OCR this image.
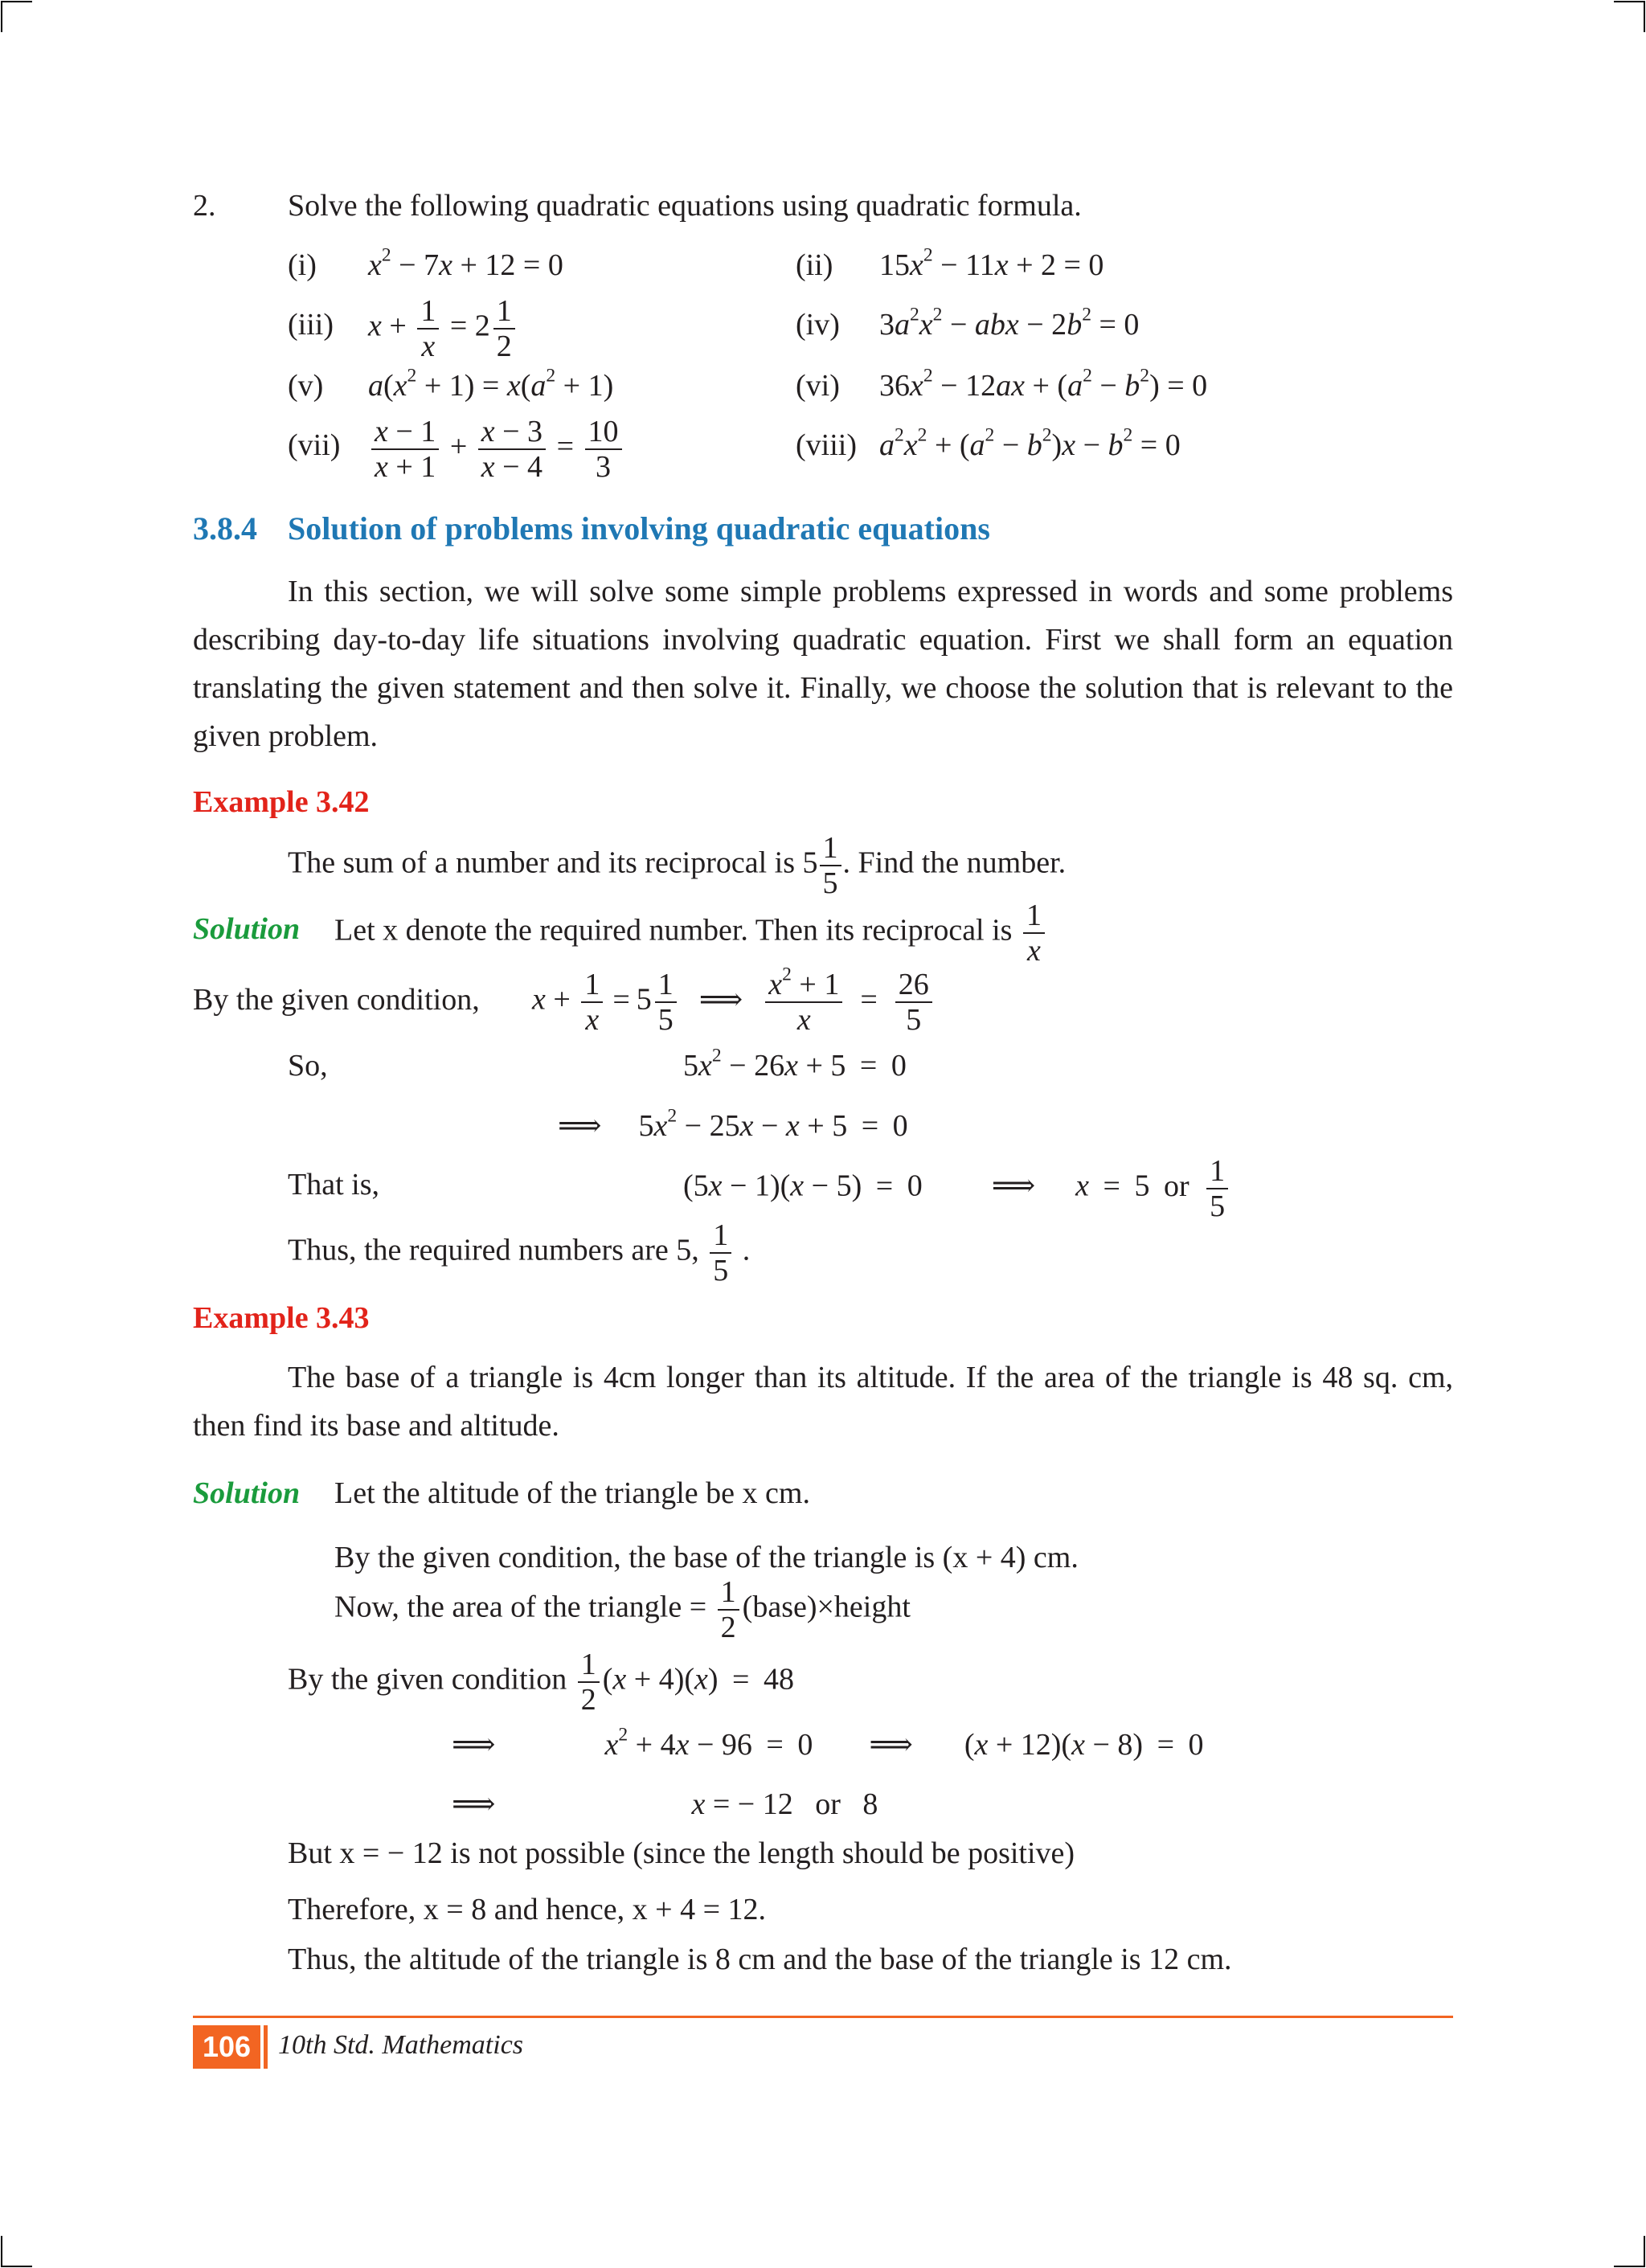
2. Solve the following quadratic equations using quadratic formula.
(i) $x^2 - 7x + 12 = 0$	(ii) $15x^2 - 11x + 2 = 0$
(iii) $x + \frac{1}{x} = 2 \frac{1}{2}$	(iv) $3a^2x^2$ − abx − $2b^2 = 0$
(v) $a(x^2 + 1) = x(a^2 + 1)$	(vi) $36x^2 - 12ax + (a^2 - b^2) = 0$
$(vii) \frac{x - 1}{x + 1} + \frac{x - 3}{x - 4} = \frac{10}{3}$	(viii) $a^2x^2 + (a^2 - b^2)x - b^2 = 0$
3.8.4 Solution of problems involving quadratic equations
In this section, we will solve some simple problems expressed in words and some problems describing day-to-day life situations involving quadratic equation. First we shall form an equation translating the given statement and then solve it. Finally, we choose the solution that is relevant to the given problem.
Example 3.42
The sum of a number and its reciprocal is $5 \frac{1}{5}$ . Find the number.
Solution Let x denote the required number. Then its reciprocal is $\frac{1}{x}$
By the given condition, $x + \frac{1}{x} = 5 \frac{1}{5}$ ⟹ $\frac{x^2 + 1}{x} = \frac{26}{5}$
So,	$5x^2 - 26x + 5 = 0$
⟹ $5x^2 - 25x - x + 5 = 0$
That is,	(5x − 1)(x − 5) = 0 ⟹ x = 5 or $\frac{1}{5}$
Thus, the required numbers are 5, $\frac{1}{5}$ .
Example 3.43
The base of a triangle is 4cm longer than its altitude. If the area of the triangle is 48 sq. cm, then find its base and altitude.
Solution Let the altitude of the triangle be x cm.
By the given condition, the base of the triangle is (x + 4) cm.
Now, the area of the triangle = $\frac{1}{2}$ (base)×height
By the given condition $\frac{1}{2} (x + 4)(x) = 48$
⟹	$x^2 + 4x - 96 = 0$ ⟹ (x + 12)(x − 8) = 0
⟹	x = − 12 or 8
But x = − 12 is not possible (since the length should be positive)
Therefore, x = 8 and hence, x + 4 = 12.
Thus, the altitude of the triangle is 8 cm and the base of the triangle is 12 cm.
106 10th Std. Mathematics
